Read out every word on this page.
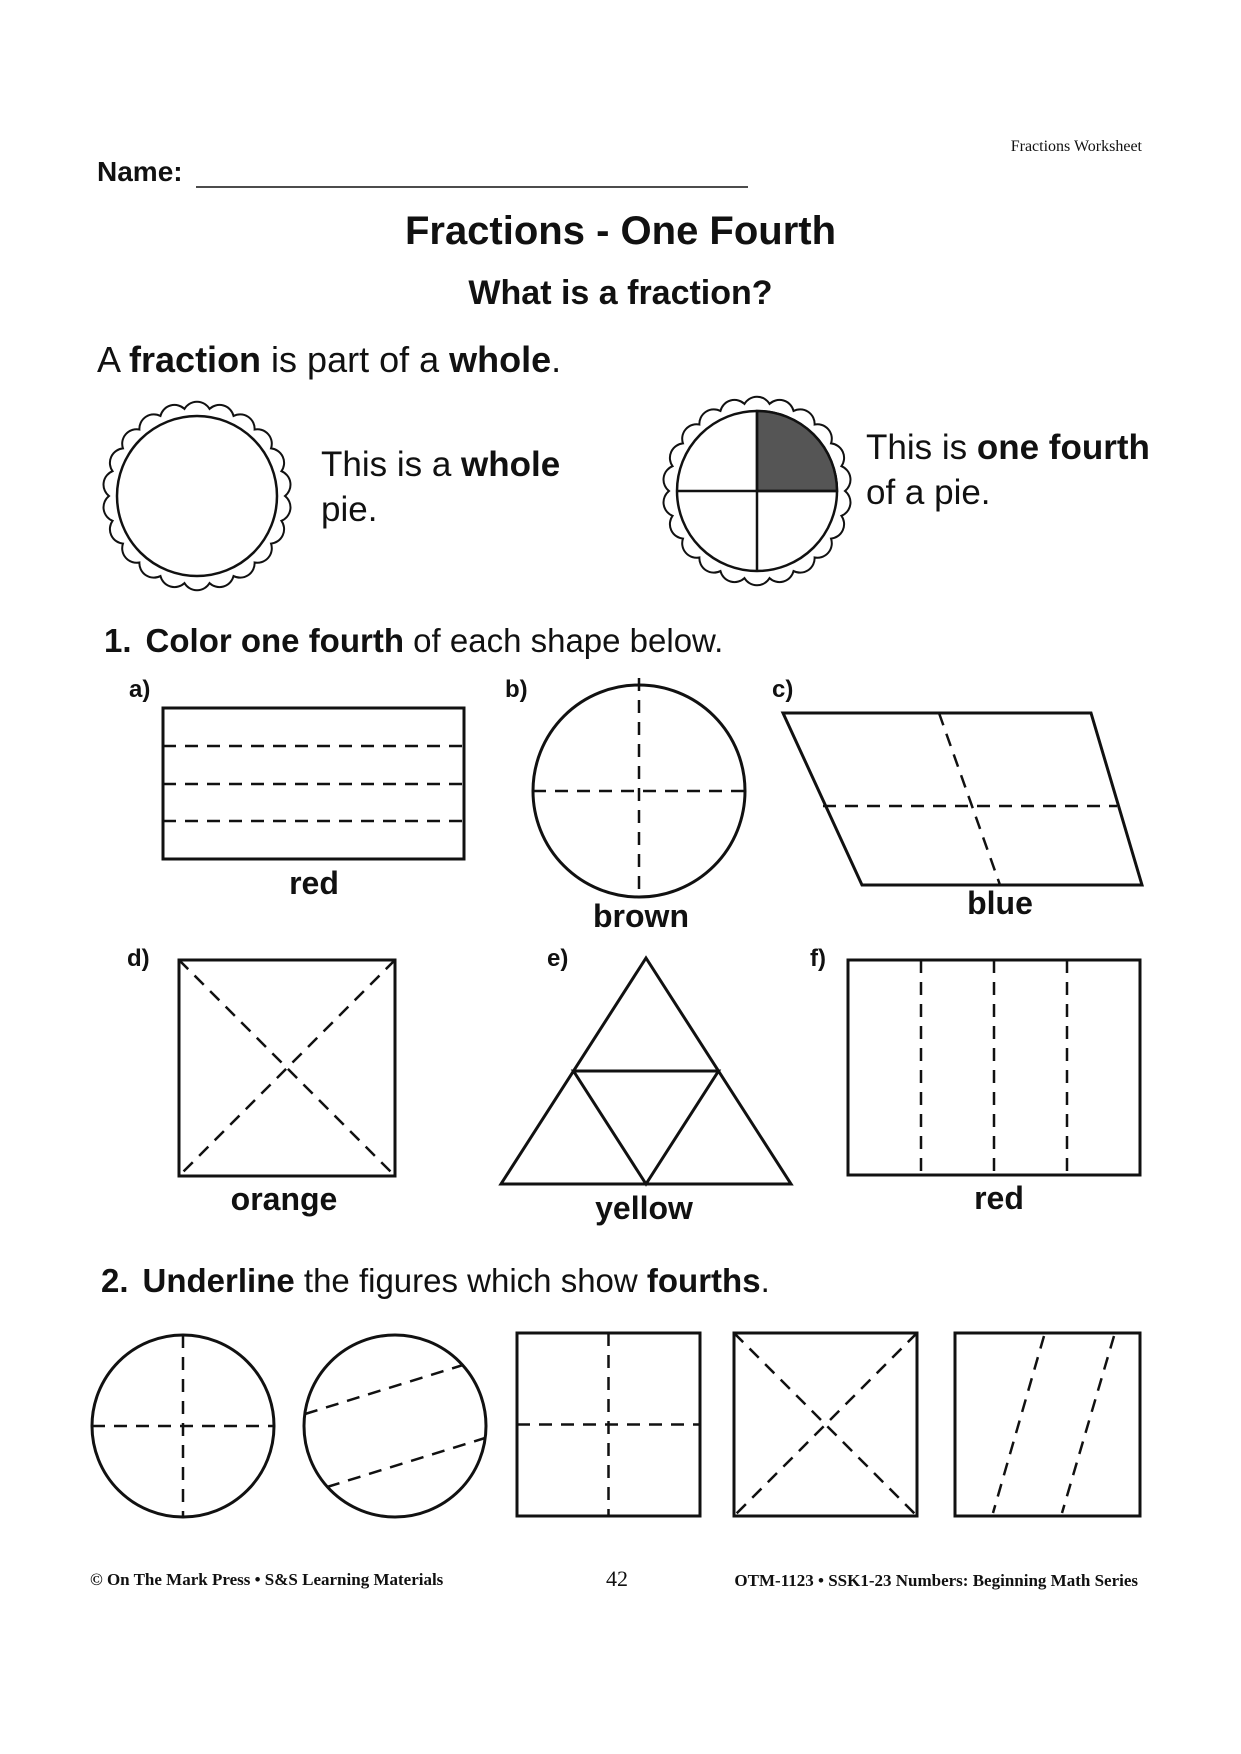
Fractions Worksheet
Name:
Fractions - One Fourth
What is a fraction?
A fraction is part of a whole.
This is a whole
pie.
This is one fourth
of a pie.
1. Color one fourth of each shape below.
a)	b)	c)
d)	e)	f)
red
brown	blue
orange	yellow	red
2. Underline the figures which show fourths.
© On The Mark Press • S&S Learning Materials	42	OTM-1123 • SSK1-23 Numbers: Beginning Math Series
